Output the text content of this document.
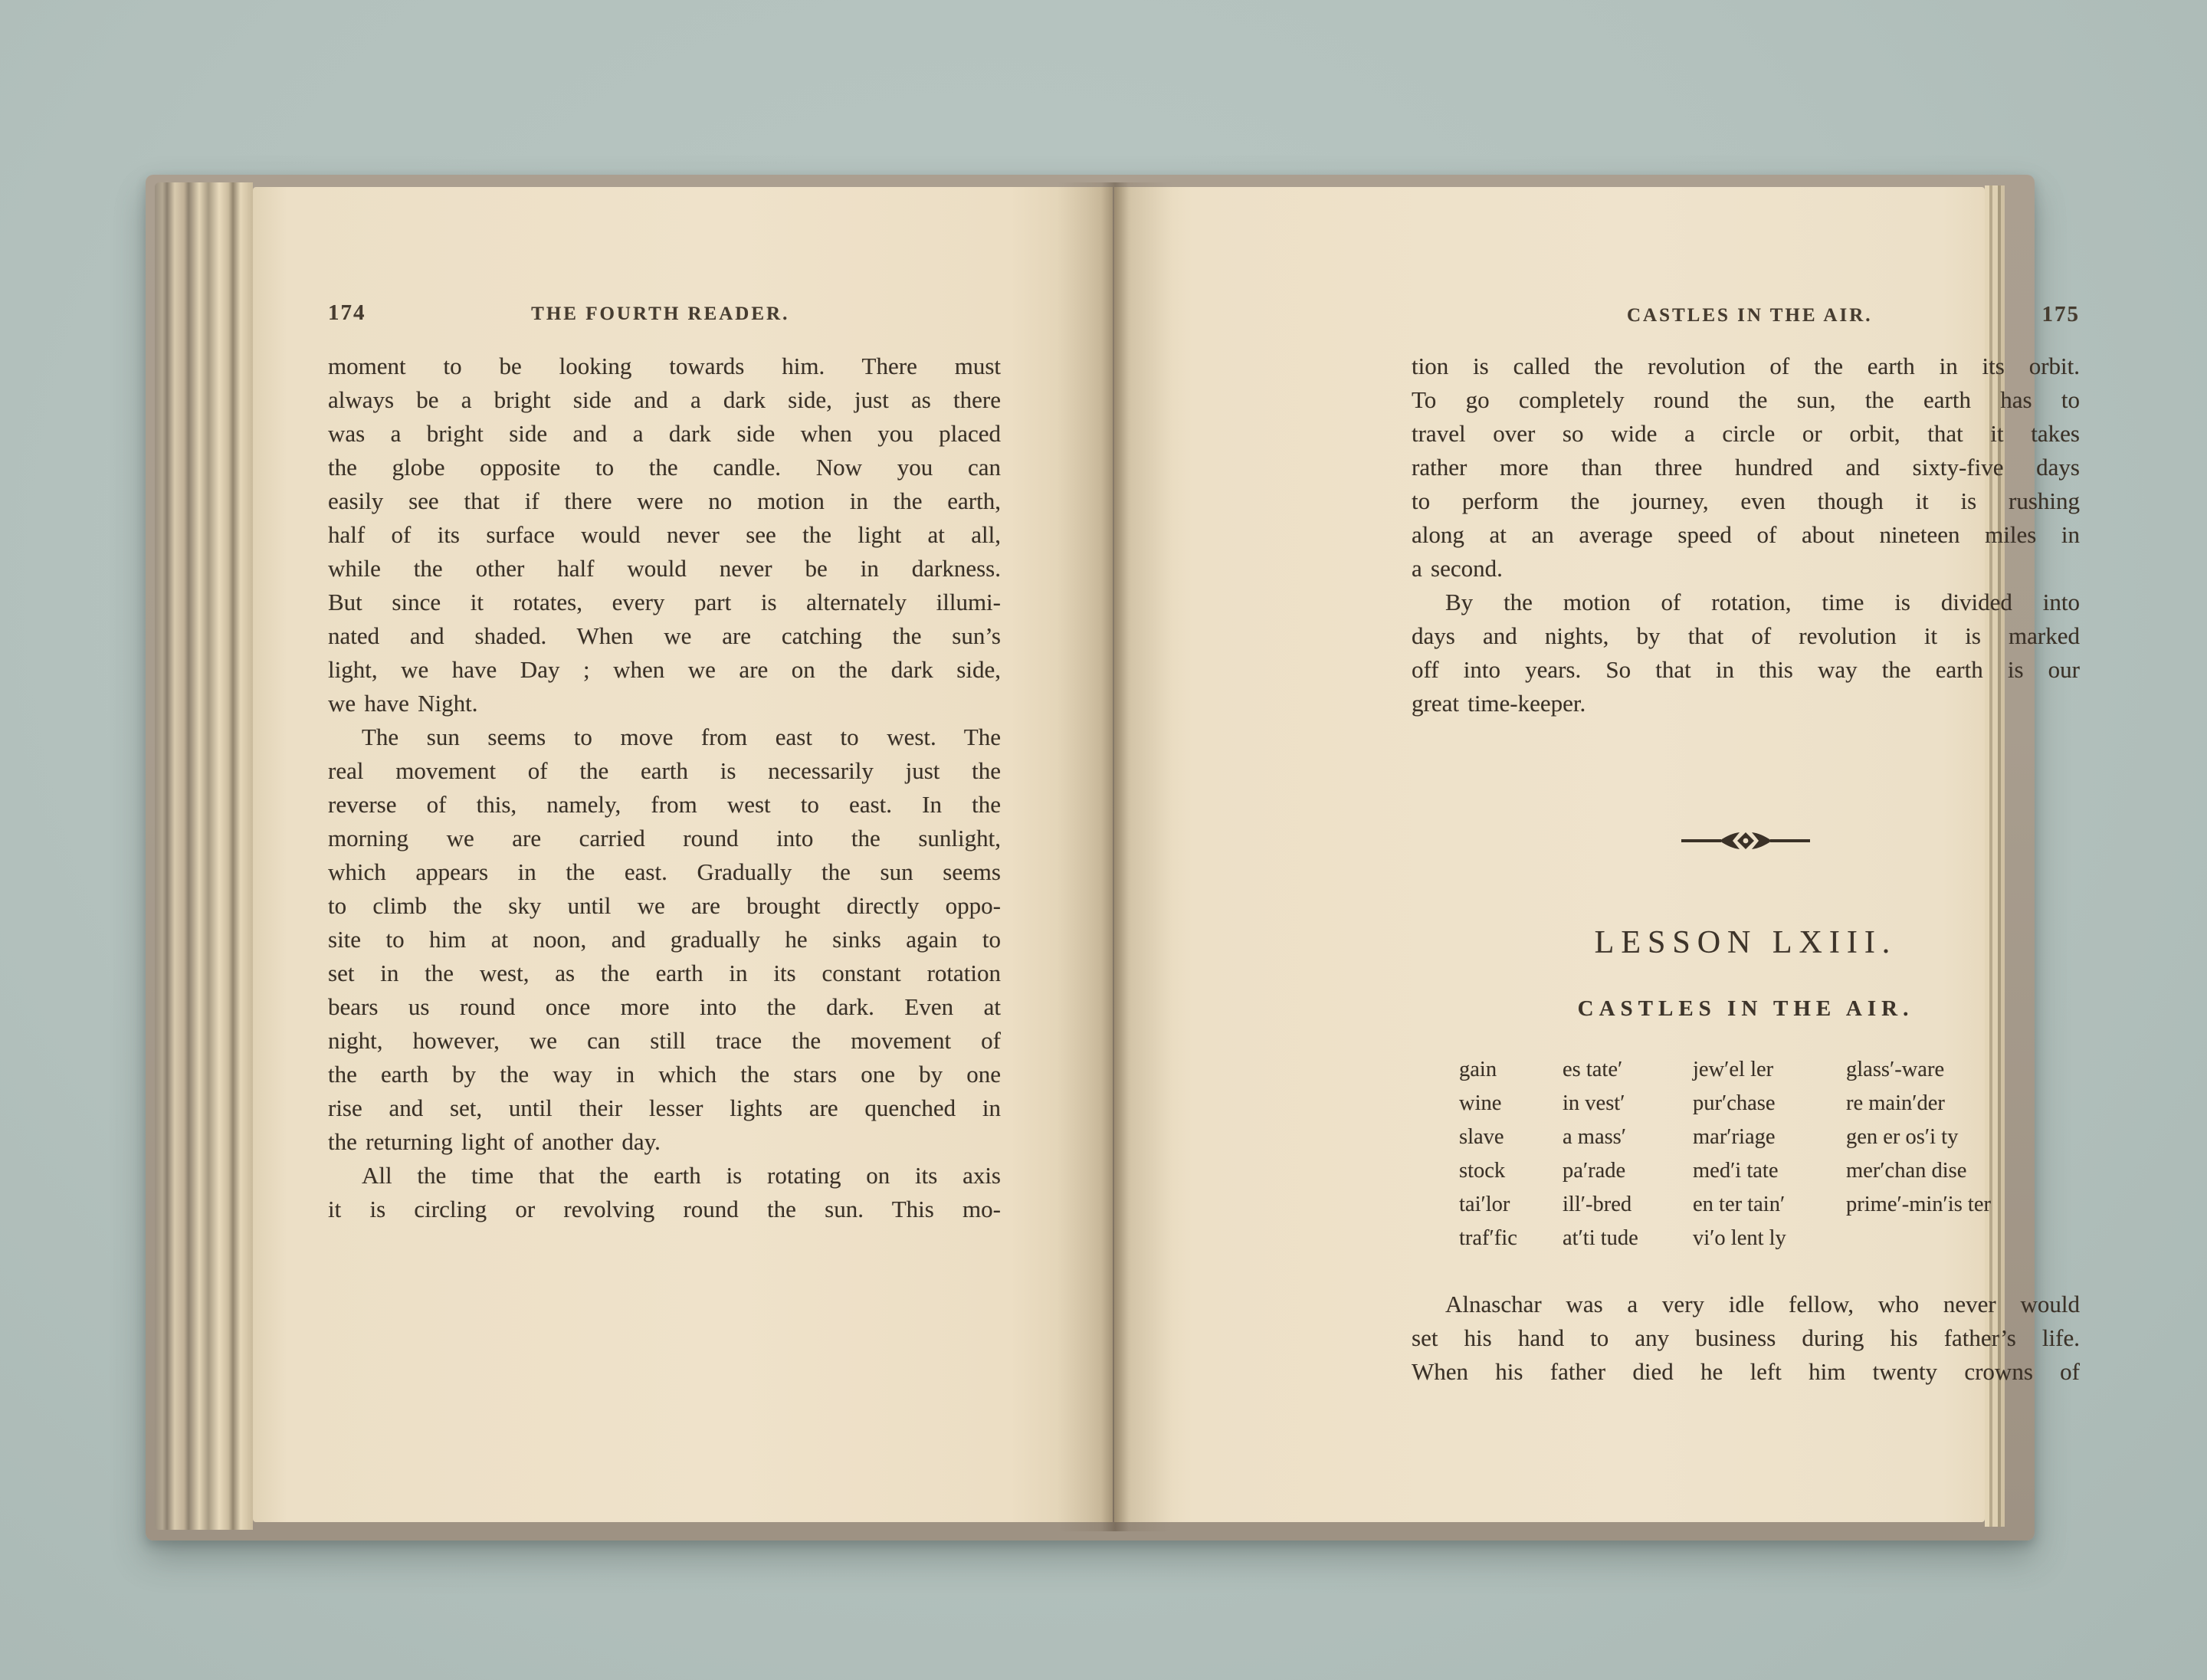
174	THE FOURTH READER.
moment to be looking towards him. There must
always be a bright side and a dark side, just as there
was a bright side and a dark side when you placed
the globe opposite to the candle. Now you can
easily see that if there were no motion in the earth,
half of its surface would never see the light at all,
while the other half would never be in darkness.
But since it rotates, every part is alternately illumi-
nated and shaded. When we are catching the sun’s
light, we have Day ; when we are on the dark side,
we have Night.
The sun seems to move from east to west. The
real movement of the earth is necessarily just the
reverse of this, namely, from west to east. In the
morning we are carried round into the sunlight,
which appears in the east. Gradually the sun seems
to climb the sky until we are brought directly oppo-
site to him at noon, and gradually he sinks again to
set in the west, as the earth in its constant rotation
bears us round once more into the dark. Even at
night, however, we can still trace the movement of
the earth by the way in which the stars one by one
rise and set, until their lesser lights are quenched in
the returning light of another day.
All the time that the earth is rotating on its axis
it is circling or revolving round the sun. This mo-
CASTLES IN THE AIR.	175
tion is called the revolution of the earth in its orbit.
To go completely round the sun, the earth has to
travel over so wide a circle or orbit, that it takes
rather more than three hundred and sixty-five days
to perform the journey, even though it is rushing
along at an average speed of about nineteen miles in
a second.
By the motion of rotation, time is divided into
days and nights, by that of revolution it is marked
off into years. So that in this way the earth is our
great time-keeper.
LESSON LXIII.
CASTLES IN THE AIR.
gain	es tate′	jew′el ler	glass′-ware
wine	in vest′	pur′chase	re main′der
slave	a mass′	mar′riage	gen er os′i ty
stock	pa′rade	med′i tate	mer′chan dise
tai′lor	ill′-bred	en ter tain′	prime′-min′is ter
traf′fic	at′ti tude	vi′o lent ly
Alnaschar was a very idle fellow, who never would
set his hand to any business during his father’s life.
When his father died he left him twenty crowns of
